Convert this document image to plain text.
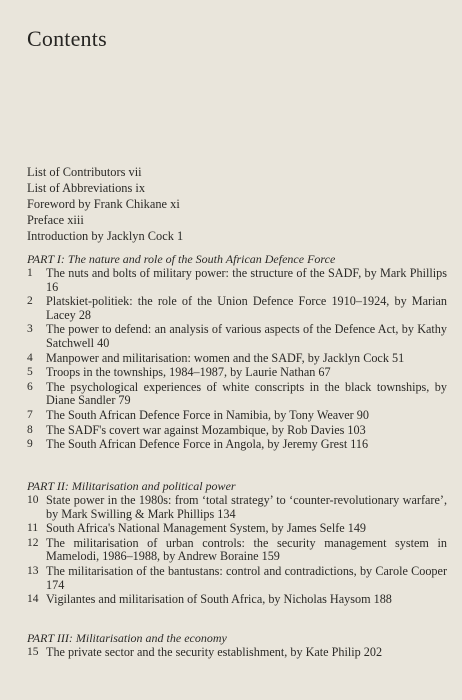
Contents
List of Contributors vii
List of Abbreviations ix
Foreword by Frank Chikane xi
Preface xiii
Introduction by Jacklyn Cock 1
PART I: The nature and role of the South African Defence Force
1	The nuts and bolts of military power: the structure of the SADF, by Mark Phillips 16
2	Platskiet-politiek: the role of the Union Defence Force 1910–1924, by Marian Lacey 28
3	The power to defend: an analysis of various aspects of the Defence Act, by Kathy Satchwell 40
4	Manpower and militarisation: women and the SADF, by Jacklyn Cock 51
5	Troops in the townships, 1984–1987, by Laurie Nathan 67
6	The psychological experiences of white conscripts in the black townships, by Diane Sandler 79
7	The South African Defence Force in Namibia, by Tony Weaver 90
8	The SADF's covert war against Mozambique, by Rob Davies 103
9	The South African Defence Force in Angola, by Jeremy Grest 116
PART II: Militarisation and political power
10 State power in the 1980s: from ‘total strategy’ to ‘counter-revolutionary warfare’, by Mark Swilling & Mark Phillips 134
11 South Africa's National Management System, by James Selfe 149
12 The militarisation of urban controls: the security management system in Mamelodi, 1986–1988, by Andrew Boraine 159
13 The militarisation of the bantustans: control and contradictions, by Carole Cooper 174
14 Vigilantes and militarisation of South Africa, by Nicholas Haysom 188
PART III: Militarisation and the economy
15 The private sector and the security establishment, by Kate Philip 202
